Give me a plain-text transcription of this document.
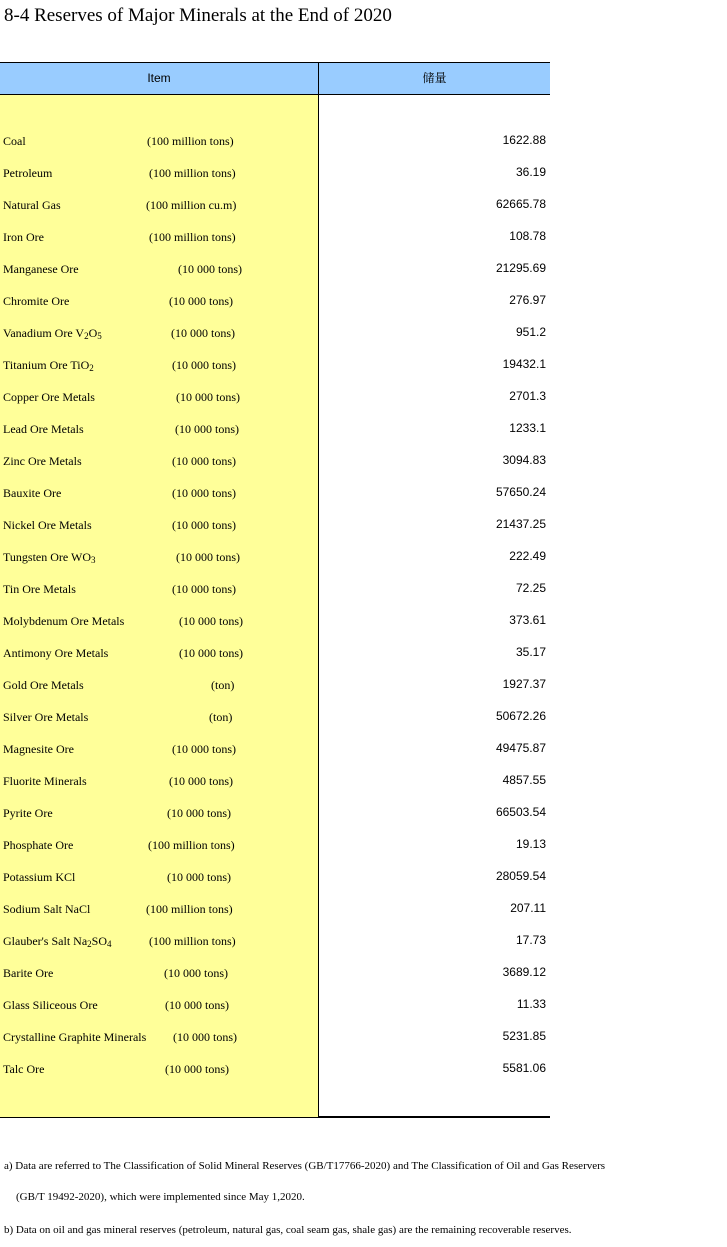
8-4 Reserves of Major Minerals at the End of 2020
Item	储量
Coal	(100 million tons)	1622.88
Petroleum	(100 million tons)	36.19
Natural Gas	(100 million cu.m)	62665.78
Iron Ore	(100 million tons)	108.78
Manganese Ore	(10 000 tons)	21295.69
Chromite Ore	(10 000 tons)	276.97
Vanadium Ore $V_2O_5$	(10 000 tons)	951.2
Titanium Ore TiO$_2$	(10 000 tons)	19432.1
Copper Ore Metals	(10 000 tons)	2701.3
Lead Ore Metals	(10 000 tons)	1233.1
Zinc Ore Metals	(10 000 tons)	3094.83
Bauxite Ore	(10 000 tons)	57650.24
Nickel Ore Metals	(10 000 tons)	21437.25
Tungsten Ore $WO_3$	(10 000 tons)	222.49
Tin Ore Metals	(10 000 tons)	72.25
Molybdenum Ore Metals	(10 000 tons)	373.61
Antimony Ore Metals	(10 000 tons)	35.17
Gold Ore Metals	(ton)	1927.37
Silver Ore Metals	(ton)	50672.26
Magnesite Ore	(10 000 tons)	49475.87
Fluorite Minerals	(10 000 tons)	4857.55
Pyrite Ore	(10 000 tons)	66503.54
Phosphate Ore	(100 million tons)	19.13
Potassium KCl	(10 000 tons)	28059.54
Sodium Salt NaCl	(100 million tons)	207.11
Glauber's Salt $Na_2SO_4$	(100 million tons)	17.73
Barite Ore	(10 000 tons)	3689.12
Glass Siliceous Ore	(10 000 tons)	11.33
Crystalline Graphite Minerals (10 000 tons)	5231.85
Talc Ore	(10 000 tons)	5581.06
a) Data are referred to The Classification of Solid Mineral Reserves (GB/T17766-2020) and The Classification of Oil and Gas Reservers
(GB/T 19492-2020), which were implemented since May 1,2020.
b) Data on oil and gas mineral reserves (petroleum, natural gas, coal seam gas, shale gas) are the remaining recoverable reserves.
